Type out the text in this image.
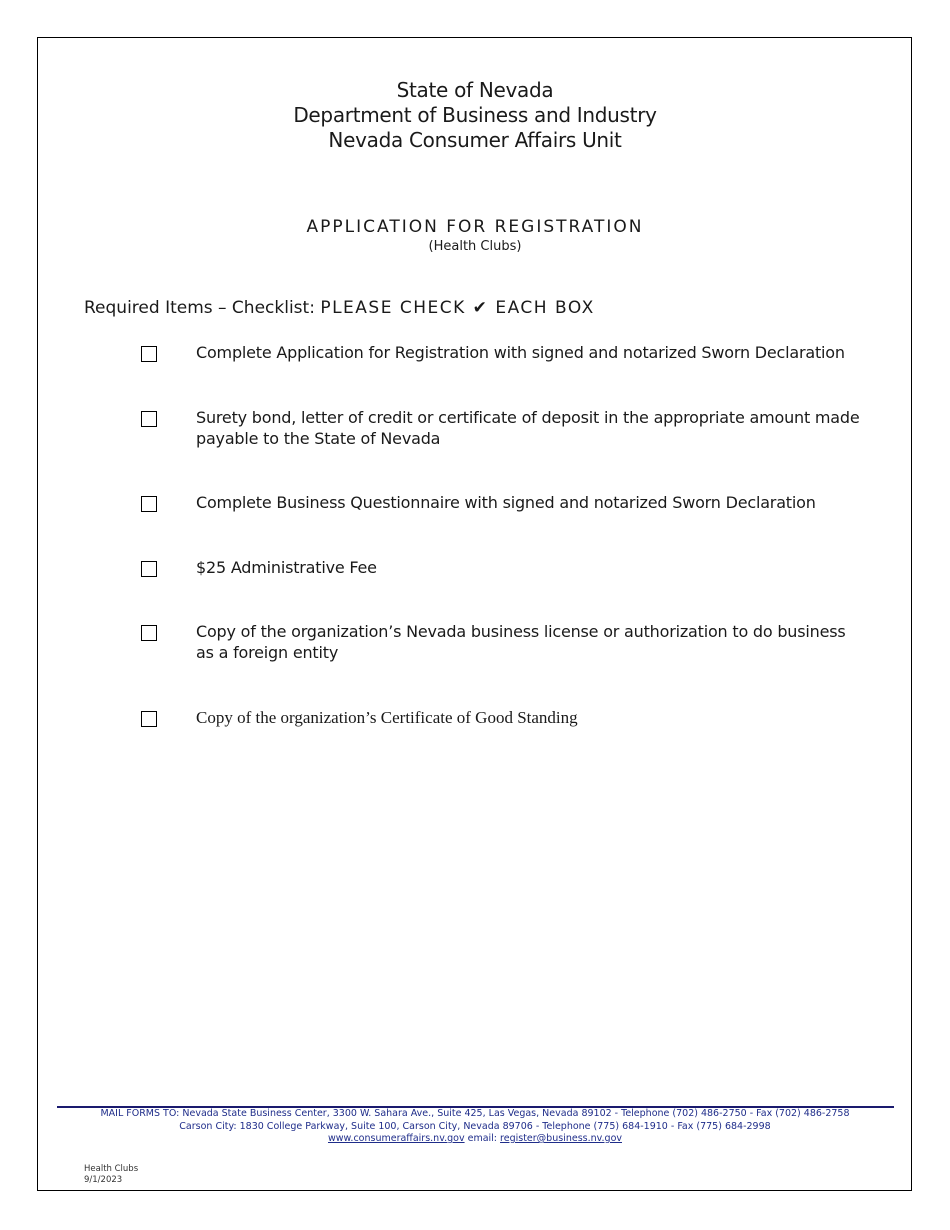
State of Nevada
Department of Business and Industry
Nevada Consumer Affairs Unit
APPLICATION FOR REGISTRATION
(Health Clubs)
Required Items – Checklist: PLEASE CHECK ✔ EACH BOX
Complete Application for Registration with signed and notarized Sworn Declaration
Surety bond, letter of credit or certificate of deposit in the appropriate amount made payable to the State of Nevada
Complete Business Questionnaire with signed and notarized Sworn Declaration
$25 Administrative Fee
Copy of the organization’s Nevada business license or authorization to do business as a foreign entity
Copy of the organization’s Certificate of Good Standing
MAIL FORMS TO: Nevada State Business Center, 3300 W. Sahara Ave., Suite 425, Las Vegas, Nevada 89102 - Telephone (702) 486-2750 - Fax (702) 486-2758
Carson City: 1830 College Parkway, Suite 100, Carson City, Nevada 89706 - Telephone (775) 684-1910 - Fax (775) 684-2998
www.consumeraffairs.nv.gov email: register@business.nv.gov
Health Clubs
9/1/2023
